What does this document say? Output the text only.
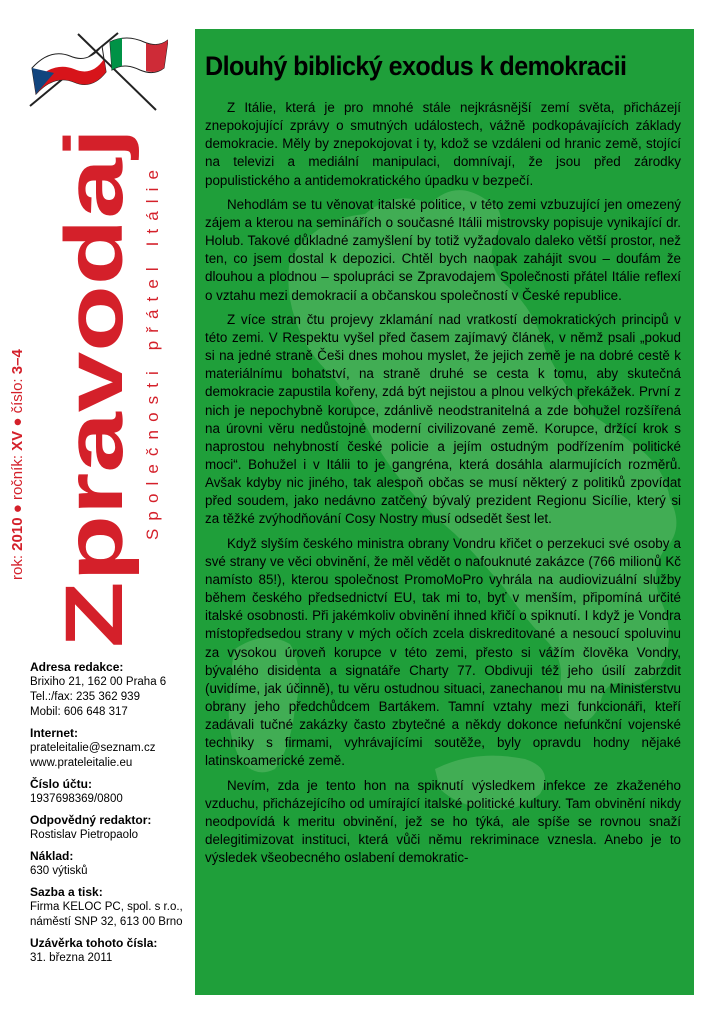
Zpravodaj
rok: 2010 ● ročník: XV ● číslo: 3–4
Společnosti přátel Itálie
Adresa redakce:
Brixiho 21, 162 00 Praha 6
Tel.:/fax: 235 362 939
Mobil: 606 648 317
Internet:
prateleitalie@seznam.cz
www.prateleitalie.eu
Číslo účtu:
1937698369/0800
Odpovědný redaktor:
Rostislav Pietropaolo
Náklad:
630 výtisků
Sazba a tisk:
Firma KELOC PC, spol. s r.o.,
náměstí SNP 32, 613 00 Brno
Uzávěrka tohoto čísla:
31. března 2011
Dlouhý biblický exodus k demokracii

Z Itálie, která je pro mnohé stále nejkrásnější zemí světa, přicházejí znepokojující zprávy o smutných událostech, vážně podkopávajících základy demokracie. Měly by znepokojovat i ty, kdož se vzdáleni od hranic země, stojící na televizi a mediální manipulaci, domnívají, že jsou před zárodky populistického a antidemokratického úpadku v bezpečí.

Nehodlám se tu věnovat italské politice, v této zemi vzbuzující jen omezený zájem a kterou na seminářích o současné Itálii mistrovsky popisuje vynikající dr. Holub. Takové důkladné zamyšlení by totiž vyžadovalo daleko větší prostor, než ten, co jsem dostal k depozici. Chtěl bych naopak zahájit svou – doufám že dlouhou a plodnou – spolupráci se Zpravodajem Společnosti přátel Itálie reflexí o vztahu mezi demokracií a občanskou společností v České republice.

Z více stran čtu projevy zklamání nad vratkostí demokratických principů v této zemi. V Respektu vyšel před časem zajímavý článek, v němž psali „pokud si na jedné straně Češi dnes mohou myslet, že jejich země je na dobré cestě k materiálnímu bohatství, na straně druhé se cesta k tomu, aby skutečná demokracie zapustila kořeny, zdá být nejistou a plnou velkých překážek. První z nich je nepochybně korupce, zdánlivě neodstranitelná a zde bohužel rozšířená na úrovni věru nedůstojné moderní civilizované země. Korupce, držící krok s naprostou nehybností české policie a jejím ostudným podřízením politické moci“. Bohužel i v Itálii to je gangréna, která dosáhla alarmujících rozměrů. Avšak kdyby nic jiného, tak alespoň občas se musí některý z politiků zpovídat před soudem, jako nedávno zatčený bývalý prezident Regionu Sicílie, který si za těžké zvýhodňování Cosy Nostry musí odsedět šest let.

Když slyším českého ministra obrany Vondru křičet o perzekuci své osoby a své strany ve věci obvinění, že měl vědět o nafouknuté zakázce (766 milionů Kč namísto 85!), kterou společnost PromoMoPro vyhrála na audiovizuální služby během českého předsednictví EU, tak mi to, byť v menším, připomíná určité italské osobnosti. Při jakémkoliv obvinění ihned křičí o spiknutí. I když je Vondra místopředsedou strany v mých očích zcela diskreditované a nesoucí spoluvinu za vysokou úroveň korupce v této zemi, přesto si vážím člověka Vondry, bývalého disidenta a signatáře Charty 77. Obdivuji též jeho úsilí zabrzdit (uvidíme, jak účinně), tu věru ostudnou situaci, zanechanou mu na Ministerstvu obrany jeho předchůdcem Bartákem. Tamní vztahy mezi funkcionáři, kteří zadávali tučné zakázky často zbytečné a někdy dokonce nefunkční vojenské techniky s firmami, vyhrávajícími soutěže, byly opravdu hodny nějaké latinskoamerické země.

Nevím, zda je tento hon na spiknutí výsledkem infekce ze zkaženého vzduchu, přicházejícího od umírající italské politické kultury. Tam obvinění nikdy neodpovídá k meritu obvinění, jež se ho týká, ale spíše se rovnou snaží delegitimizovat instituci, která vůči němu rekriminace vznesla. Anebo je to výsledek všeobecného oslabení demokratic-
